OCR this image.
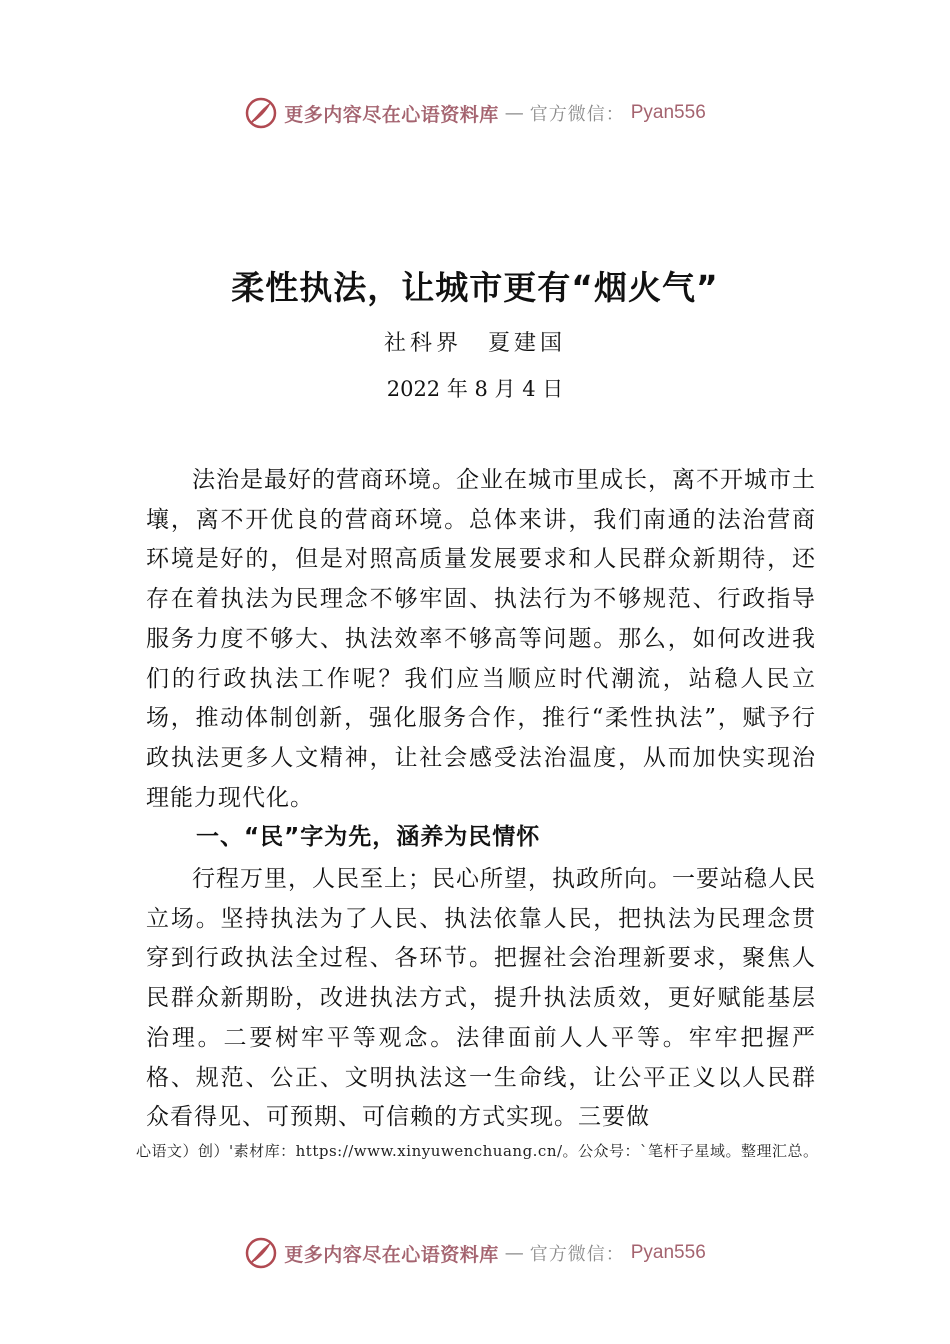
更多内容尽在心语资料库 — 官方微信： Pyan556
柔性执法，让城市更有“烟火气”
社科界　夏建国
2022 年 8 月 4 日

法治是最好的营商环境。企业在城市里成长，离不开城市土壤，离不开优良的营商环境。总体来讲，我们南通的法治营商环境是好的，但是对照高质量发展要求和人民群众新期待，还存在着执法为民理念不够牢固、执法行为不够规范、行政指导服务力度不够大、执法效率不够高等问题。那么，如何改进我们的行政执法工作呢？我们应当顺应时代潮流，站稳人民立场，推动体制创新，强化服务合作，推行“柔性执法”，赋予行政执法更多人文精神，让社会感受法治温度，从而加快实现治理能力现代化。

一、“民”字为先，涵养为民情怀

行程万里，人民至上；民心所望，执政所向。一要站稳人民立场。坚持执法为了人民、执法依靠人民，把执法为民理念贯穿到行政执法全过程、各环节。把握社会治理新要求，聚焦人民群众新期盼，改进执法方式，提升执法质效，更好赋能基层治理。二要树牢平等观念。法律面前人人平等。牢牢把握严格、规范、公正、文明执法这一生命线，让公平正义以人民群众看得见、可预期、可信赖的方式实现。三要做

心语文）创）'素材库：https://www.xinyuwenchuang.cn/。公众号：`笔杆子星域。整理汇总。
更多内容尽在心语资料库 — 官方微信： Pyan556
